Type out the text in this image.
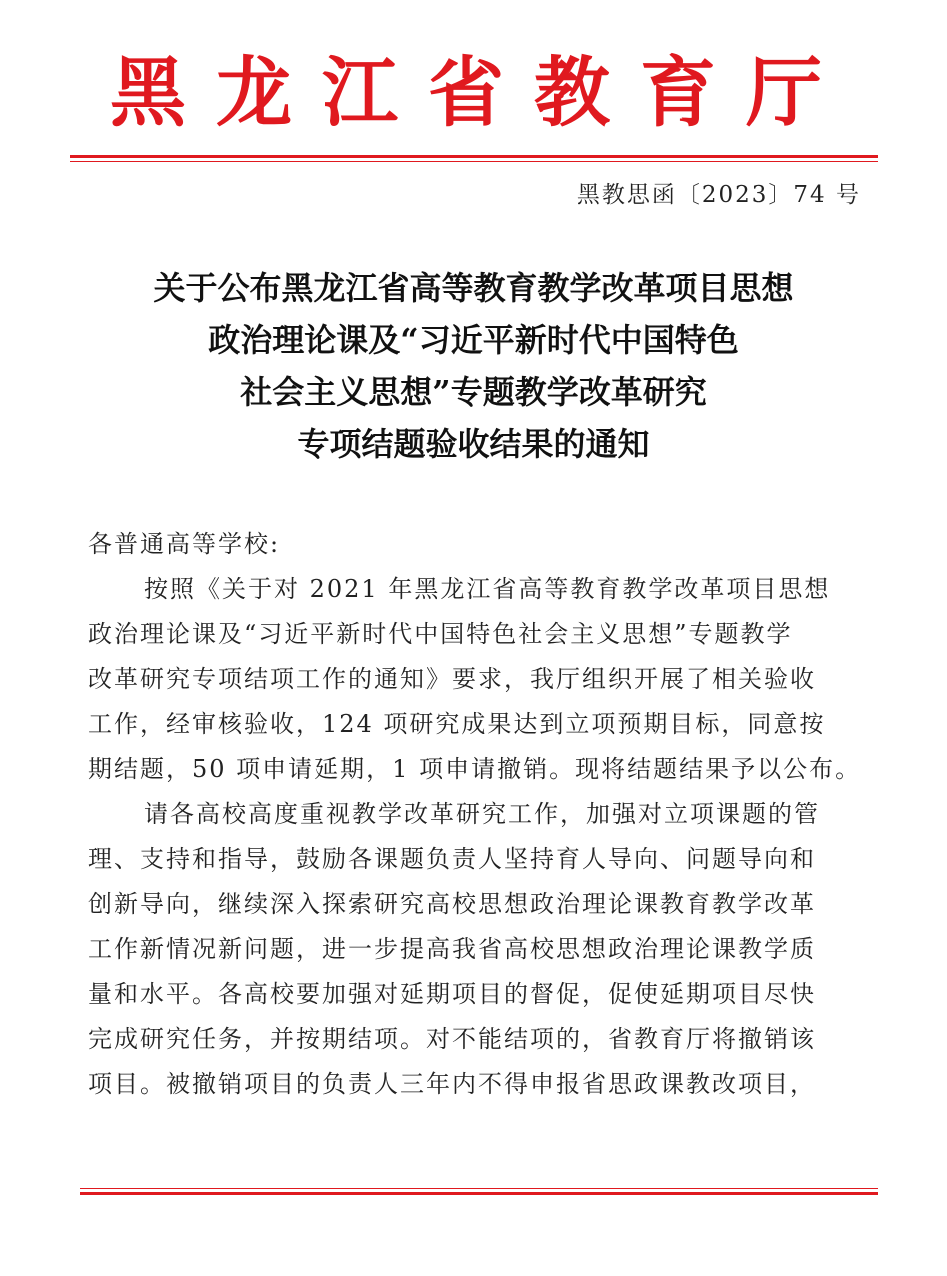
黑龙江省教育厅
黑教思函〔2023〕74 号
关于公布黑龙江省高等教育教学改革项目思想
政治理论课及“习近平新时代中国特色
社会主义思想”专题教学改革研究
专项结题验收结果的通知
各普通高等学校:
按照《关于对 2021 年黑龙江省高等教育教学改革项目思想
政治理论课及“习近平新时代中国特色社会主义思想”专题教学
改革研究专项结项工作的通知》要求，我厅组织开展了相关验收
工作，经审核验收，124 项研究成果达到立项预期目标，同意按
期结题，50 项申请延期，1 项申请撤销。现将结题结果予以公布。
请各高校高度重视教学改革研究工作，加强对立项课题的管
理、支持和指导，鼓励各课题负责人坚持育人导向、问题导向和
创新导向，继续深入探索研究高校思想政治理论课教育教学改革
工作新情况新问题，进一步提高我省高校思想政治理论课教学质
量和水平。各高校要加强对延期项目的督促，促使延期项目尽快
完成研究任务，并按期结项。对不能结项的，省教育厅将撤销该
项目。被撤销项目的负责人三年内不得申报省思政课教改项目，
